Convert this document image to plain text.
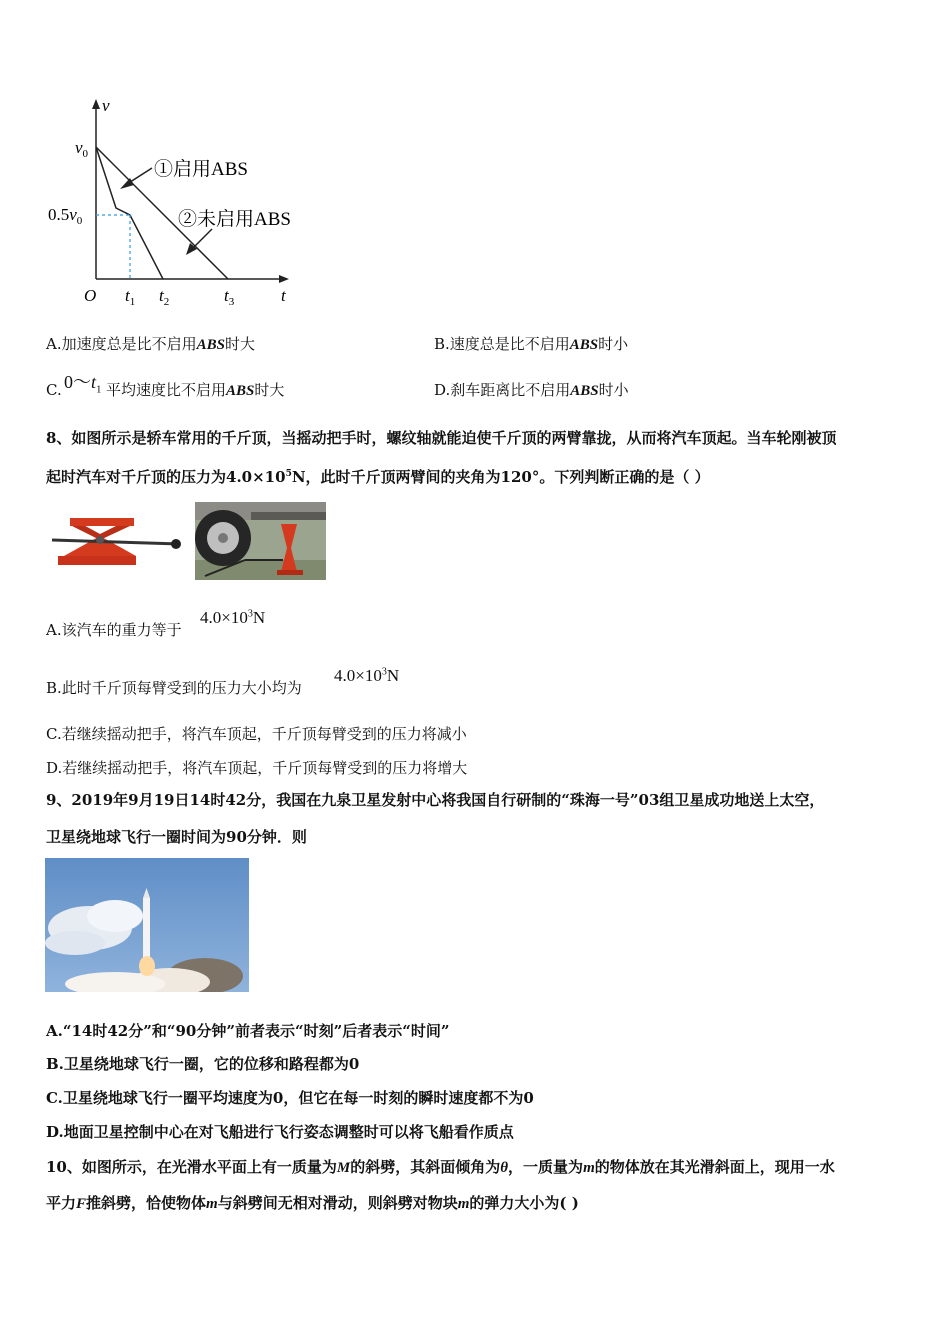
v
$v_0$
$0.5v_0$
①启用ABS
②未启用ABS
O $t_1$ $t_2$	$t_3$	t
A.加速度总是比不启用ABS时大	B.速度总是比不启用ABS时小
C. $0\sim t_1$ 平均速度比不启用ABS时大	D.刹车距离比不启用ABS时小
8、如图所示是轿车常用的千斤顶，当摇动把手时，螺纹轴就能迫使千斤顶的两臂靠拢，从而将汽车顶起。当车轮刚被顶
起时汽车对千斤顶的压力为$4.0\times 10^5N$，此时千斤顶两臂间的夹角为120°。下列判断正确的是（ ）
A.该汽车的重力等于
$4.0\times 10^3N$
B.此时千斤顶每臂受到的压力大小均为
$4.0\times 10^3N$
C.若继续摇动把手，将汽车顶起，千斤顶每臂受到的压力将减小
D.若继续摇动把手，将汽车顶起，千斤顶每臂受到的压力将增大
9、2019年9月19日14时42分，我国在九泉卫星发射中心将我国自行研制的“珠海一号”03组卫星成功地送上太空，
卫星绕地球飞行一圈时间为90分钟．则
A.“14时42分”和“90分钟”前者表示“时刻”后者表示“时间”
B.卫星绕地球飞行一圈，它的位移和路程都为0
C.卫星绕地球飞行一圈平均速度为0，但它在每一时刻的瞬时速度都不为0
D.地面卫星控制中心在对飞船进行飞行姿态调整时可以将飞船看作质点
10、如图所示，在光滑水平面上有一质量为M的斜劈，其斜面倾角为θ，一质量为m的物体放在其光滑斜面上，现用一水
平力F推斜劈，恰使物体m与斜劈间无相对滑动，则斜劈对物块m的弹力大小为( )
